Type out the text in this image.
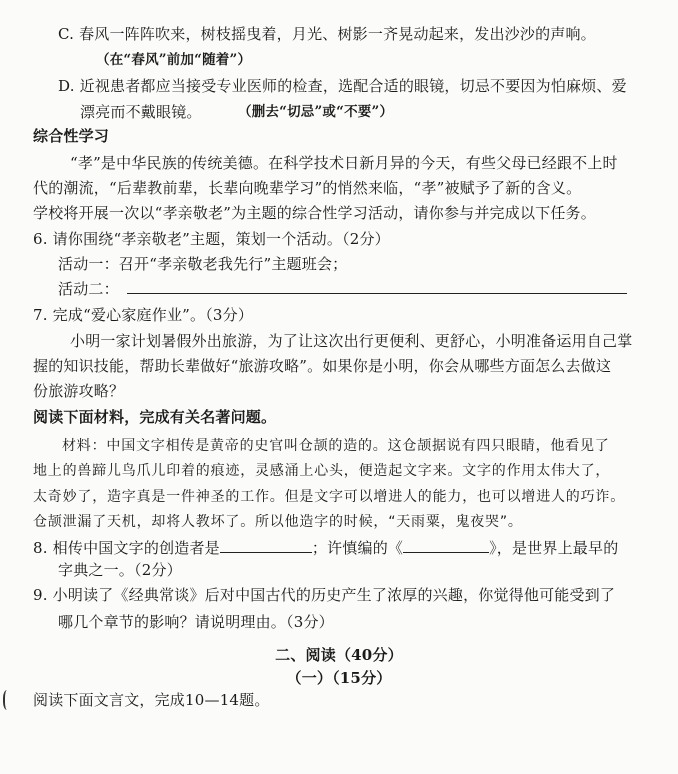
C. 春风一阵阵吹来，树枝摇曳着，月光、树影一齐晃动起来，发出沙沙的声响。
（在“春风”前加“随着”）
D. 近视患者都应当接受专业医师的检查，选配合适的眼镜，切忌不要因为怕麻烦、爱
漂亮而不戴眼镜。	（删去“切忌”或“不要”）
综合性学习
“孝”是中华民族的传统美德。在科学技术日新月异的今天，有些父母已经跟不上时
代的潮流，“后辈教前辈，长辈向晚辈学习”的悄然来临，“孝”被赋予了新的含义。
学校将开展一次以“孝亲敬老”为主题的综合性学习活动，请你参与并完成以下任务。
6. 请你围绕“孝亲敬老”主题，策划一个活动。（2分）
活动一：召开“孝亲敬老我先行”主题班会；
活动二：
7. 完成“爱心家庭作业”。（3分）
小明一家计划暑假外出旅游，为了让这次出行更便利、更舒心，小明准备运用自己掌
握的知识技能，帮助长辈做好“旅游攻略”。如果你是小明，你会从哪些方面怎么去做这
份旅游攻略？
阅读下面材料，完成有关名著问题。
材料：中国文字相传是黄帝的史官叫仓颉的造的。这仓颉据说有四只眼睛，他看见了
地上的兽蹄儿鸟爪儿印着的痕迹，灵感涌上心头，便造起文字来。文字的作用太伟大了，
太奇妙了，造字真是一件神圣的工作。但是文字可以增进人的能力，也可以增进人的巧诈。
仓颉泄漏了天机，却将人教坏了。所以他造字的时候，“天雨粟，鬼夜哭”。
8. 相传中国文字的创造者是	；许慎编的《	》，是世界上最早的
字典之一。（2分）
9. 小明读了《经典常谈》后对中国古代的历史产生了浓厚的兴趣，你觉得他可能受到了
哪几个章节的影响？请说明理由。（3分）
二、阅读（40分）
（一）（15分）
阅读下面文言文，完成10—14题。
